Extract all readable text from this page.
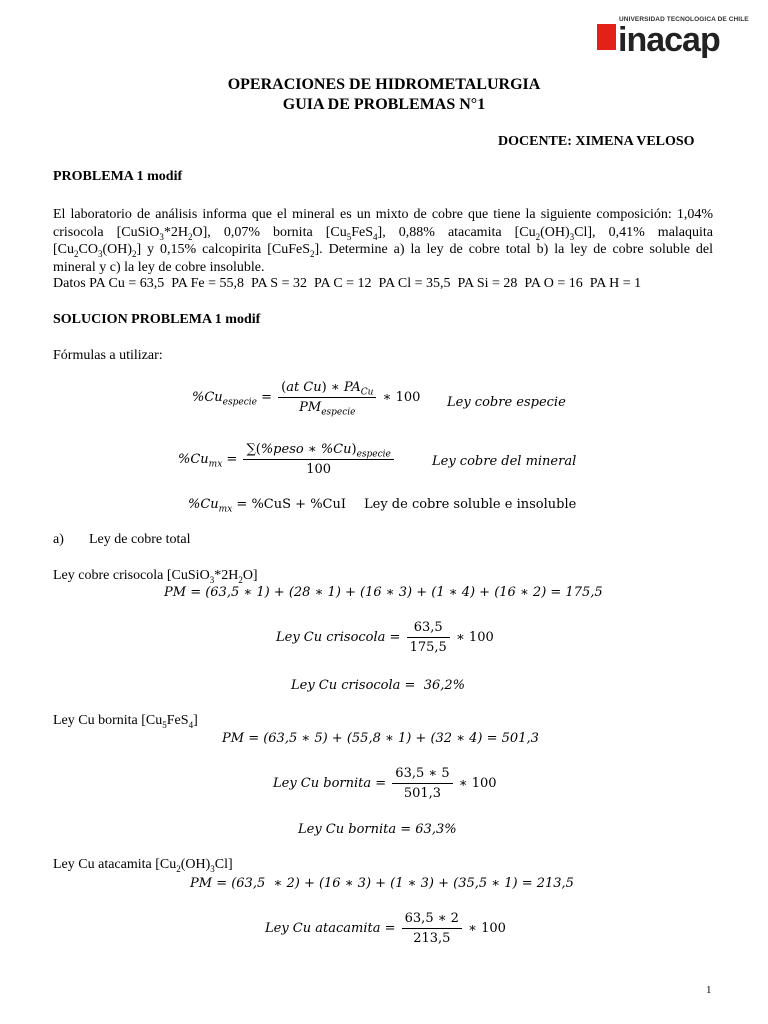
UNIVERSIDAD TECNOLOGICA DE CHILE
inacap
OPERACIONES DE HIDROMETALURGIA
GUIA DE PROBLEMAS N°1
DOCENTE: XIMENA VELOSO
PROBLEMA 1 modif

El laboratorio de análisis informa que el mineral es un mixto de cobre que tiene la siguiente composición: 1,04% crisocola $[CuSiO_3*2H_2O]$, 0,07% bornita $[Cu_5FeS_4]$, 0,88% atacamita $[Cu_2(OH)_3Cl]$, 0,41% malaquita $[Cu_2CO_3(OH)_2]$ y 0,15% calcopirita [CuFeS$_2$]. Determine a) la ley de cobre total b) la ley de cobre soluble del mineral y c) la ley de cobre insoluble.

Datos PA Cu = 63,5  PA Fe = 55,8  PA S = 32  PA C = 12  PA Cl = 35,5  PA Si = 28  PA O = 16  PA H = 1
SOLUCION PROBLEMA 1 modif
Fórmulas a utilizar:
$\%Cu_{especie} = \frac{(at Cu) ∗ PA_{Cu}}{PM_{especie}}$ ∗ 100 Ley cobre especie
$\%Cu_{mx} = \frac{\sum(\%peso ∗ \%Cu)_{especie}}{100}$	Ley cobre del mineral
$\%Cu_{mx} = \%CuS + \%CuI$ Ley de cobre soluble e insoluble
a) Ley de cobre total
Ley cobre crisocola $[CuSiO_3*2H_2O]$
PM = (63,5 ∗ 1) + (28 ∗ 1) + (16 ∗ 3) + (1 ∗ 4) + (16 ∗ 2) = 175,5
Ley Cu crisocola = $\frac{63,5}{175,5}$ ∗ 100
Ley Cu crisocola =  36,2%
Ley Cu bornita $[Cu_5FeS_4]$
PM = (63,5 ∗ 5) + (55,8 ∗ 1) + (32 ∗ 4) = 501,3
Ley Cu bornita = $\frac{63,5 ∗ 5}{501,3}$ ∗ 100
Ley Cu bornita = 63,3%
Ley Cu atacamita $[Cu_2(OH)_3Cl]$
PM = (63,5  ∗ 2) + (16 ∗ 3) + (1 ∗ 3) + (35,5 ∗ 1) = 213,5
Ley Cu atacamita = $\frac{63,5 ∗ 2}{213,5}$ ∗ 100
1
